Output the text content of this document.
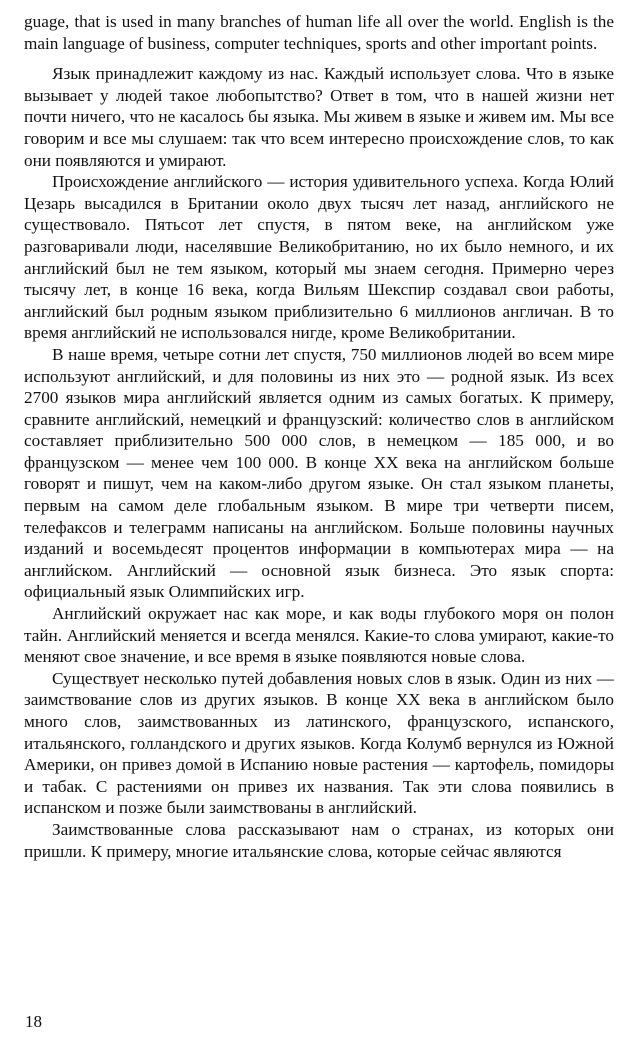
guage, that is used in many branches of human life all over the world. English is the main language of business, computer techniques, sports and other important points.

Язык принадлежит каждому из нас. Каждый использует слова. Что в языке вызывает у людей такое любопытство? Ответ в том, что в нашей жизни нет почти ничего, что не касалось бы языка. Мы живем в языке и живем им. Мы все говорим и все мы слушаем: так что всем интересно происхождение слов, то как они появляются и умирают.

Происхождение английского — история удивительного успеха. Когда Юлий Цезарь высадился в Британии около двух тысяч лет назад, английского не существовало. Пятьсот лет спустя, в пятом веке, на английском уже разговаривали люди, населявшие Великобританию, но их было немного, и их английский был не тем языком, который мы знаем сегодня. Примерно через тысячу лет, в конце 16 века, когда Вильям Шекспир создавал свои работы, английский был родным языком приблизительно 6 миллионов англичан. В то время английский не использовался нигде, кроме Великобритании.

В наше время, четыре сотни лет спустя, 750 миллионов людей во всем мире используют английский, и для половины из них это — родной язык. Из всех 2700 языков мира английский является одним из самых богатых. К примеру, сравните английский, немецкий и французский: количество слов в английском составляет приблизительно 500 000 слов, в немецком — 185 000, и во французском — менее чем 100 000. В конце XX века на английском больше говорят и пишут, чем на каком-либо другом языке. Он стал языком планеты, первым на самом деле глобальным языком. В мире три четверти писем, телефаксов и телеграмм написаны на английском. Больше половины научных изданий и восемьдесят процентов информации в компьютерах мира — на английском. Английский — основной язык бизнеса. Это язык спорта: официальный язык Олимпийских игр.

Английский окружает нас как море, и как воды глубокого моря он полон тайн. Английский меняется и всегда менялся. Какие-то слова умирают, какие-то меняют свое значение, и все время в языке появляются новые слова.

Существует несколько путей добавления новых слов в язык. Один из них — заимствование слов из других языков. В конце XX века в английском было много слов, заимствованных из латинского, французского, испанского, итальянского, голландского и других языков. Когда Колумб вернулся из Южной Америки, он привез домой в Испанию новые растения — картофель, помидоры и табак. С растениями он привез их названия. Так эти слова появились в испанском и позже были заимствованы в английский.

Заимствованные слова рассказывают нам о странах, из которых они пришли. К примеру, многие итальянские слова, которые сейчас являются

18
